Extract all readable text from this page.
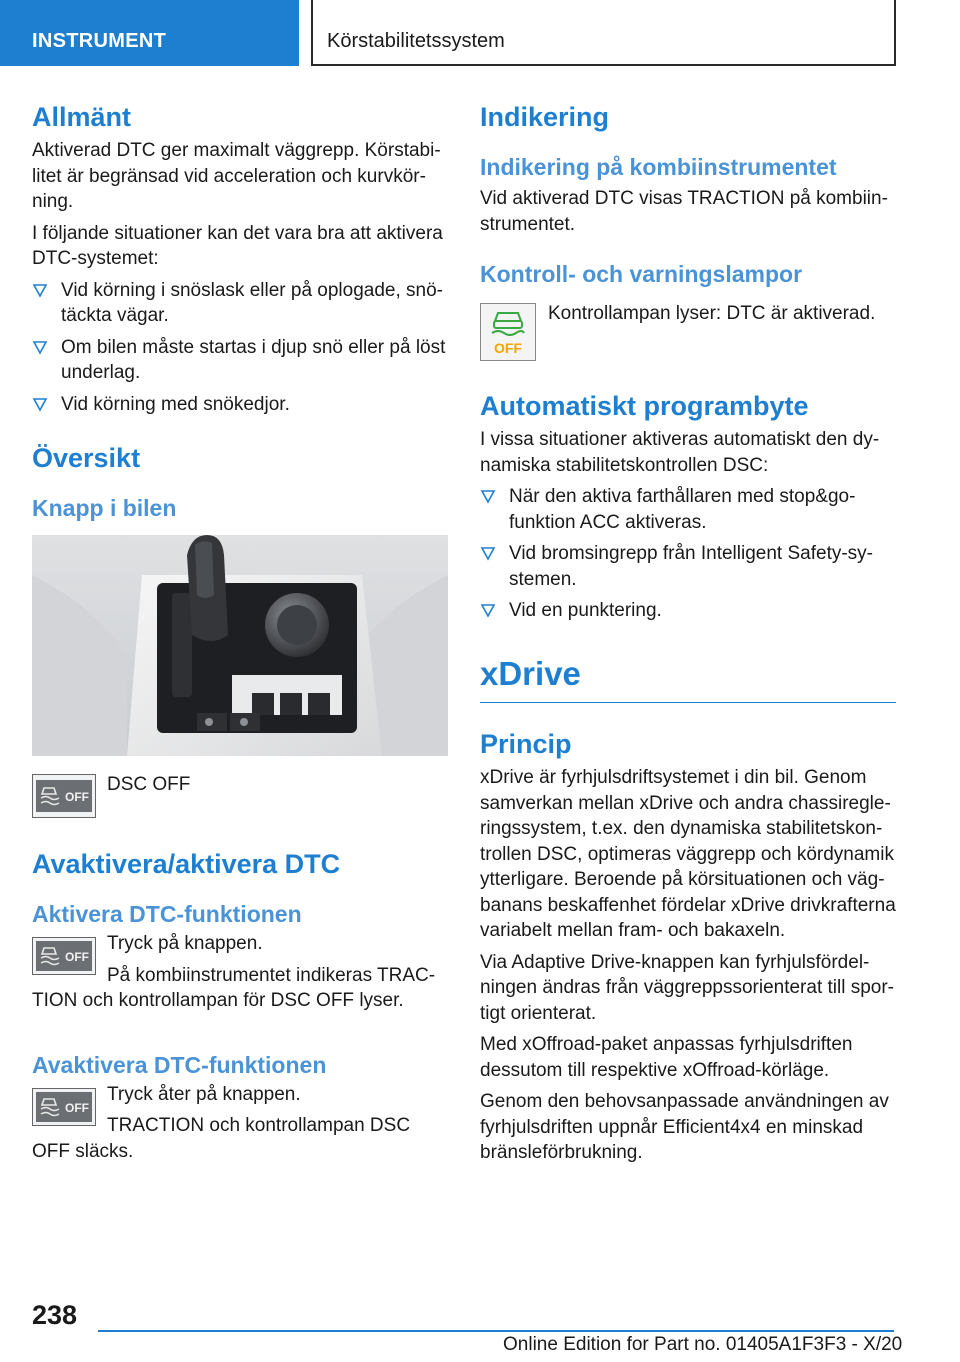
INSTRUMENT	Körstabilitetssystem
Allmänt

Aktiverad DTC ger maximalt väggrepp. Körstabi-
litet är begränsad vid acceleration och kurvkör-
ning.

I följande situationer kan det vara bra att aktivera
DTC-systemet:

Vid körning i snöslask eller på oplogade, snö-
täckta vägar.
Om bilen måste startas i djup snö eller på löst
underlag.
Vid körning med snökedjor.
Översikt
Knapp i bilen
OFF

DSC OFF

Avaktivera/aktivera DTC
Aktivera DTC-funktionen
OFF

Tryck på knappen.

På kombiinstrumentet indikeras TRAC-

TION och kontrollampan för DSC OFF lyser.

Avaktivera DTC-funktionen
OFF

Tryck åter på knappen.

TRACTION och kontrollampan DSC

OFF släcks.

Indikering
Indikering på kombiinstrumentet

Vid aktiverad DTC visas TRACTION på kombiin-
strumentet.

Kontroll- och varningslampor
OFF

Kontrollampan lyser: DTC är aktiverad.

Automatiskt programbyte

I vissa situationer aktiveras automatiskt den dy-
namiska stabilitetskontrollen DSC:

När den aktiva farthållaren med stop&go-
funktion ACC aktiveras.
Vid bromsingrepp från Intelligent Safety-sy-
stemen.
Vid en punktering.
xDrive
Princip

xDrive är fyrhjulsdriftsystemet i din bil. Genom
samverkan mellan xDrive och andra chassiregle-
ringssystem, t.ex. den dynamiska stabilitetskon-
trollen DSC, optimeras väggrepp och kördynamik
ytterligare. Beroende på körsituationen och väg-
banans beskaffenhet fördelar xDrive drivkrafterna
variabelt mellan fram- och bakaxeln.

Via Adaptive Drive-knappen kan fyrhjulsfördel-
ningen ändras från väggreppssorienterat till spor-
tigt orienterat.

Med xOffroad-paket anpassas fyrhjulsdriften
dessutom till respektive xOffroad-körläge.

Genom den behovsanpassade användningen av
fyrhjulsdriften uppnår Efficient4x4 en minskad
bränsleförbrukning.

238
Online Edition for Part no. 01405A1F3F3 - X/20
